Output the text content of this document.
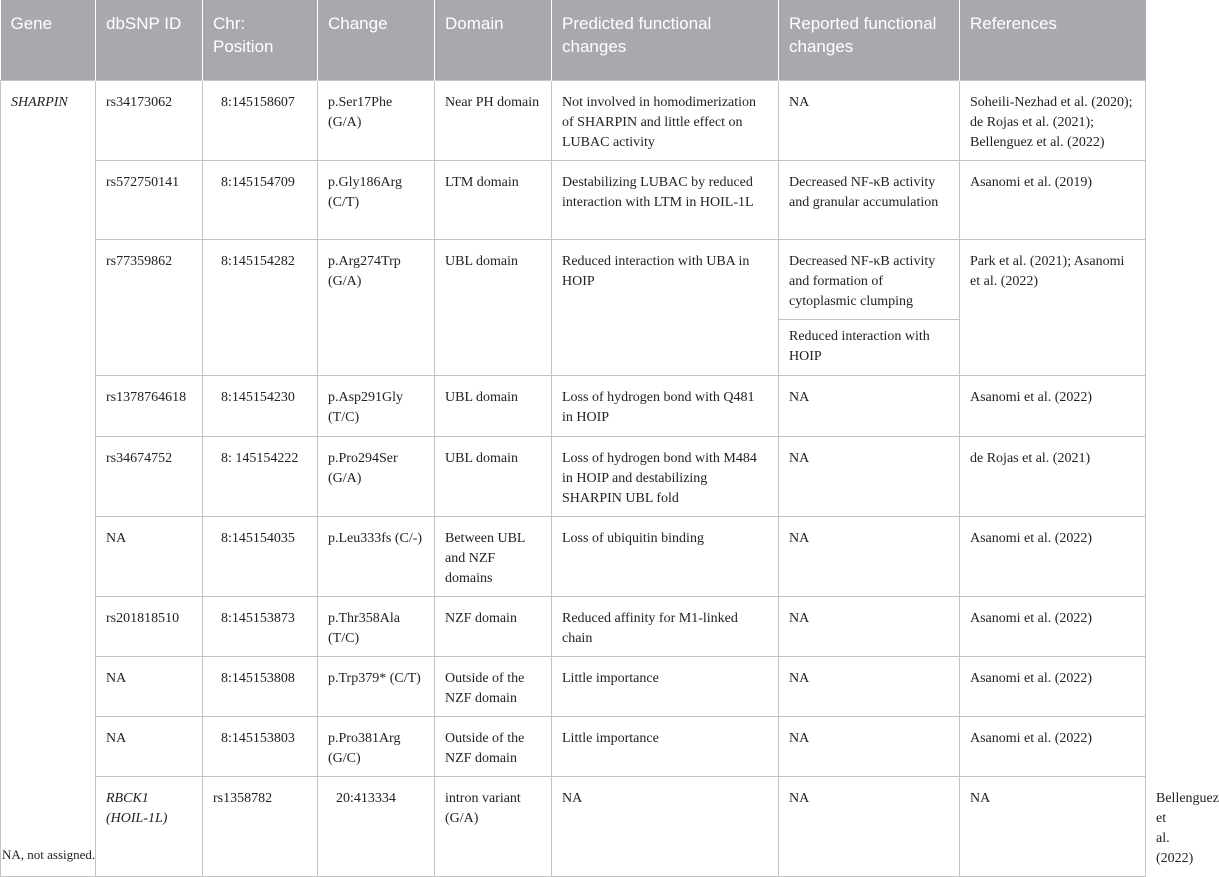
Gene	dbSNP ID	Chr: Position	Change	Domain	Predicted functional changes	Reported functional changes	References	
SHARPIN	rs34173062	8:145158607	p.Ser17Phe (G/A)	Near PH domain	Not involved in homodimerization of SHARPIN and little effect on LUBAC activity	NA	Soheili-Nezhad et al. (2020); de Rojas et al. (2021); Bellenguez et al. (2022)	
	rs572750141	8:145154709	p.Gly186Arg (C/T)	LTM domain	Destabilizing LUBAC by reduced interaction with LTM in HOIL-1L	Decreased NF-κB activity and granular accumulation	Asanomi et al. (2019)	
	rs77359862	8:145154282	p.Arg274Trp (G/A)	UBL domain	Reduced interaction with UBA in HOIP	Decreased NF-κB activity and formation of cytoplasmic clumping	Park et al. (2021); Asanomi et al. (2022)	
						Reduced interaction with HOIP		
	rs1378764618	8:145154230	p.Asp291Gly (T/C)	UBL domain	Loss of hydrogen bond with Q481 in HOIP	NA	Asanomi et al. (2022)	
	rs34674752	8: 145154222	p.Pro294Ser (G/A)	UBL domain	Loss of hydrogen bond with M484 in HOIP and destabilizing SHARPIN UBL fold	NA	de Rojas et al. (2021)	
	NA	8:145154035	p.Leu333fs (C/-)	Between UBL and NZF domains	Loss of ubiquitin binding	NA	Asanomi et al. (2022)	
	rs201818510	8:145153873	p.Thr358Ala (T/C)	NZF domain	Reduced affinity for M1-linked chain	NA	Asanomi et al. (2022)	
	NA	8:145153808	p.Trp379* (C/T)	Outside of the NZF domain	Little importance	NA	Asanomi et al. (2022)	
	NA	8:145153803	p.Pro381Arg (G/C)	Outside of the NZF domain	Little importance	NA	Asanomi et al. (2022)	
	RBCK1 (HOIL-1L)	rs1358782	20:413334	intron variant (G/A)	NA	NA	NA	Bellenguez et al. (2022)
NA, not assigned.
